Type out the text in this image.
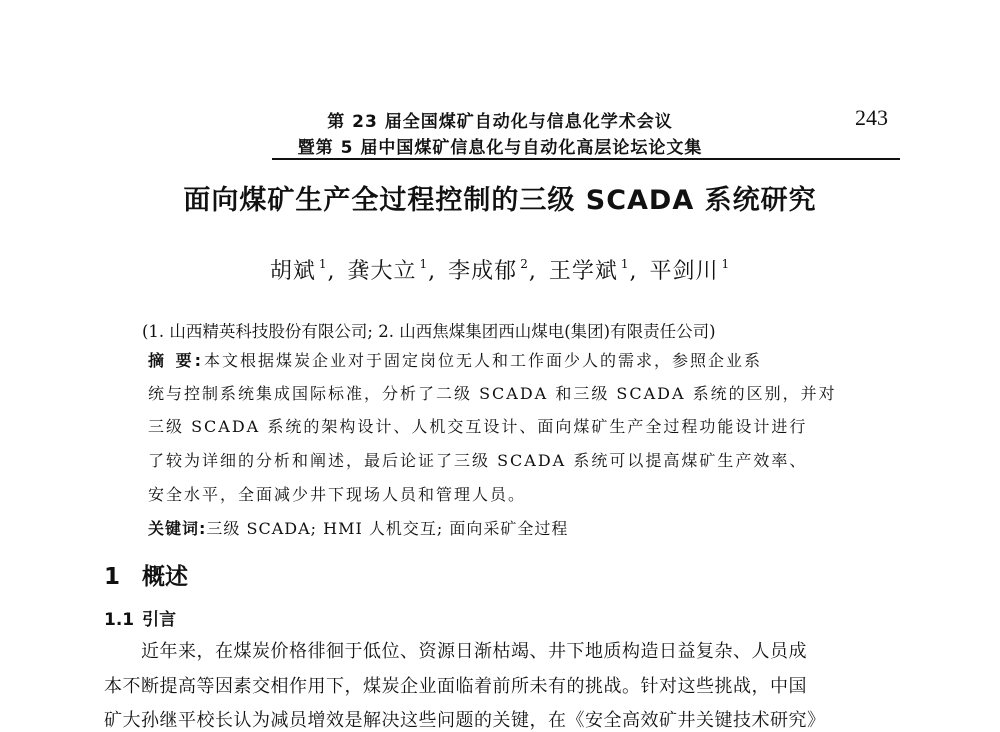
第 23 届全国煤矿自动化与信息化学术会议
暨第 5 届中国煤矿信息化与自动化高层论坛论文集
243
面向煤矿生产全过程控制的三级 SCADA 系统研究
胡斌 $^1$, 龚大立 $^1$, 李成郁 $^2$, 王学斌 $^1$, 平剑川 $^1$
(1. 山西精英科技股份有限公司; 2. 山西焦煤集团西山煤电(集团)有限责任公司)
摘 要:本文根据煤炭企业对于固定岗位无人和工作面少人的需求，参照企业系
统与控制系统集成国际标准，分析了二级 SCADA 和三级 SCADA 系统的区别，并对
三级 SCADA 系统的架构设计、人机交互设计、面向煤矿生产全过程功能设计进行
了较为详细的分析和阐述，最后论证了三级 SCADA 系统可以提高煤矿生产效率、
安全水平，全面减少井下现场人员和管理人员。
关键词:三级 SCADA; HMI 人机交互; 面向采矿全过程
1 概述
1.1 引言
　　近年来，在煤炭价格徘徊于低位、资源日渐枯竭、井下地质构造日益复杂、人员成
本不断提高等因素交相作用下，煤炭企业面临着前所未有的挑战。针对这些挑战，中国
矿大孙继平校长认为减员增效是解决这些问题的关键，在《安全高效矿井关键技术研究》
